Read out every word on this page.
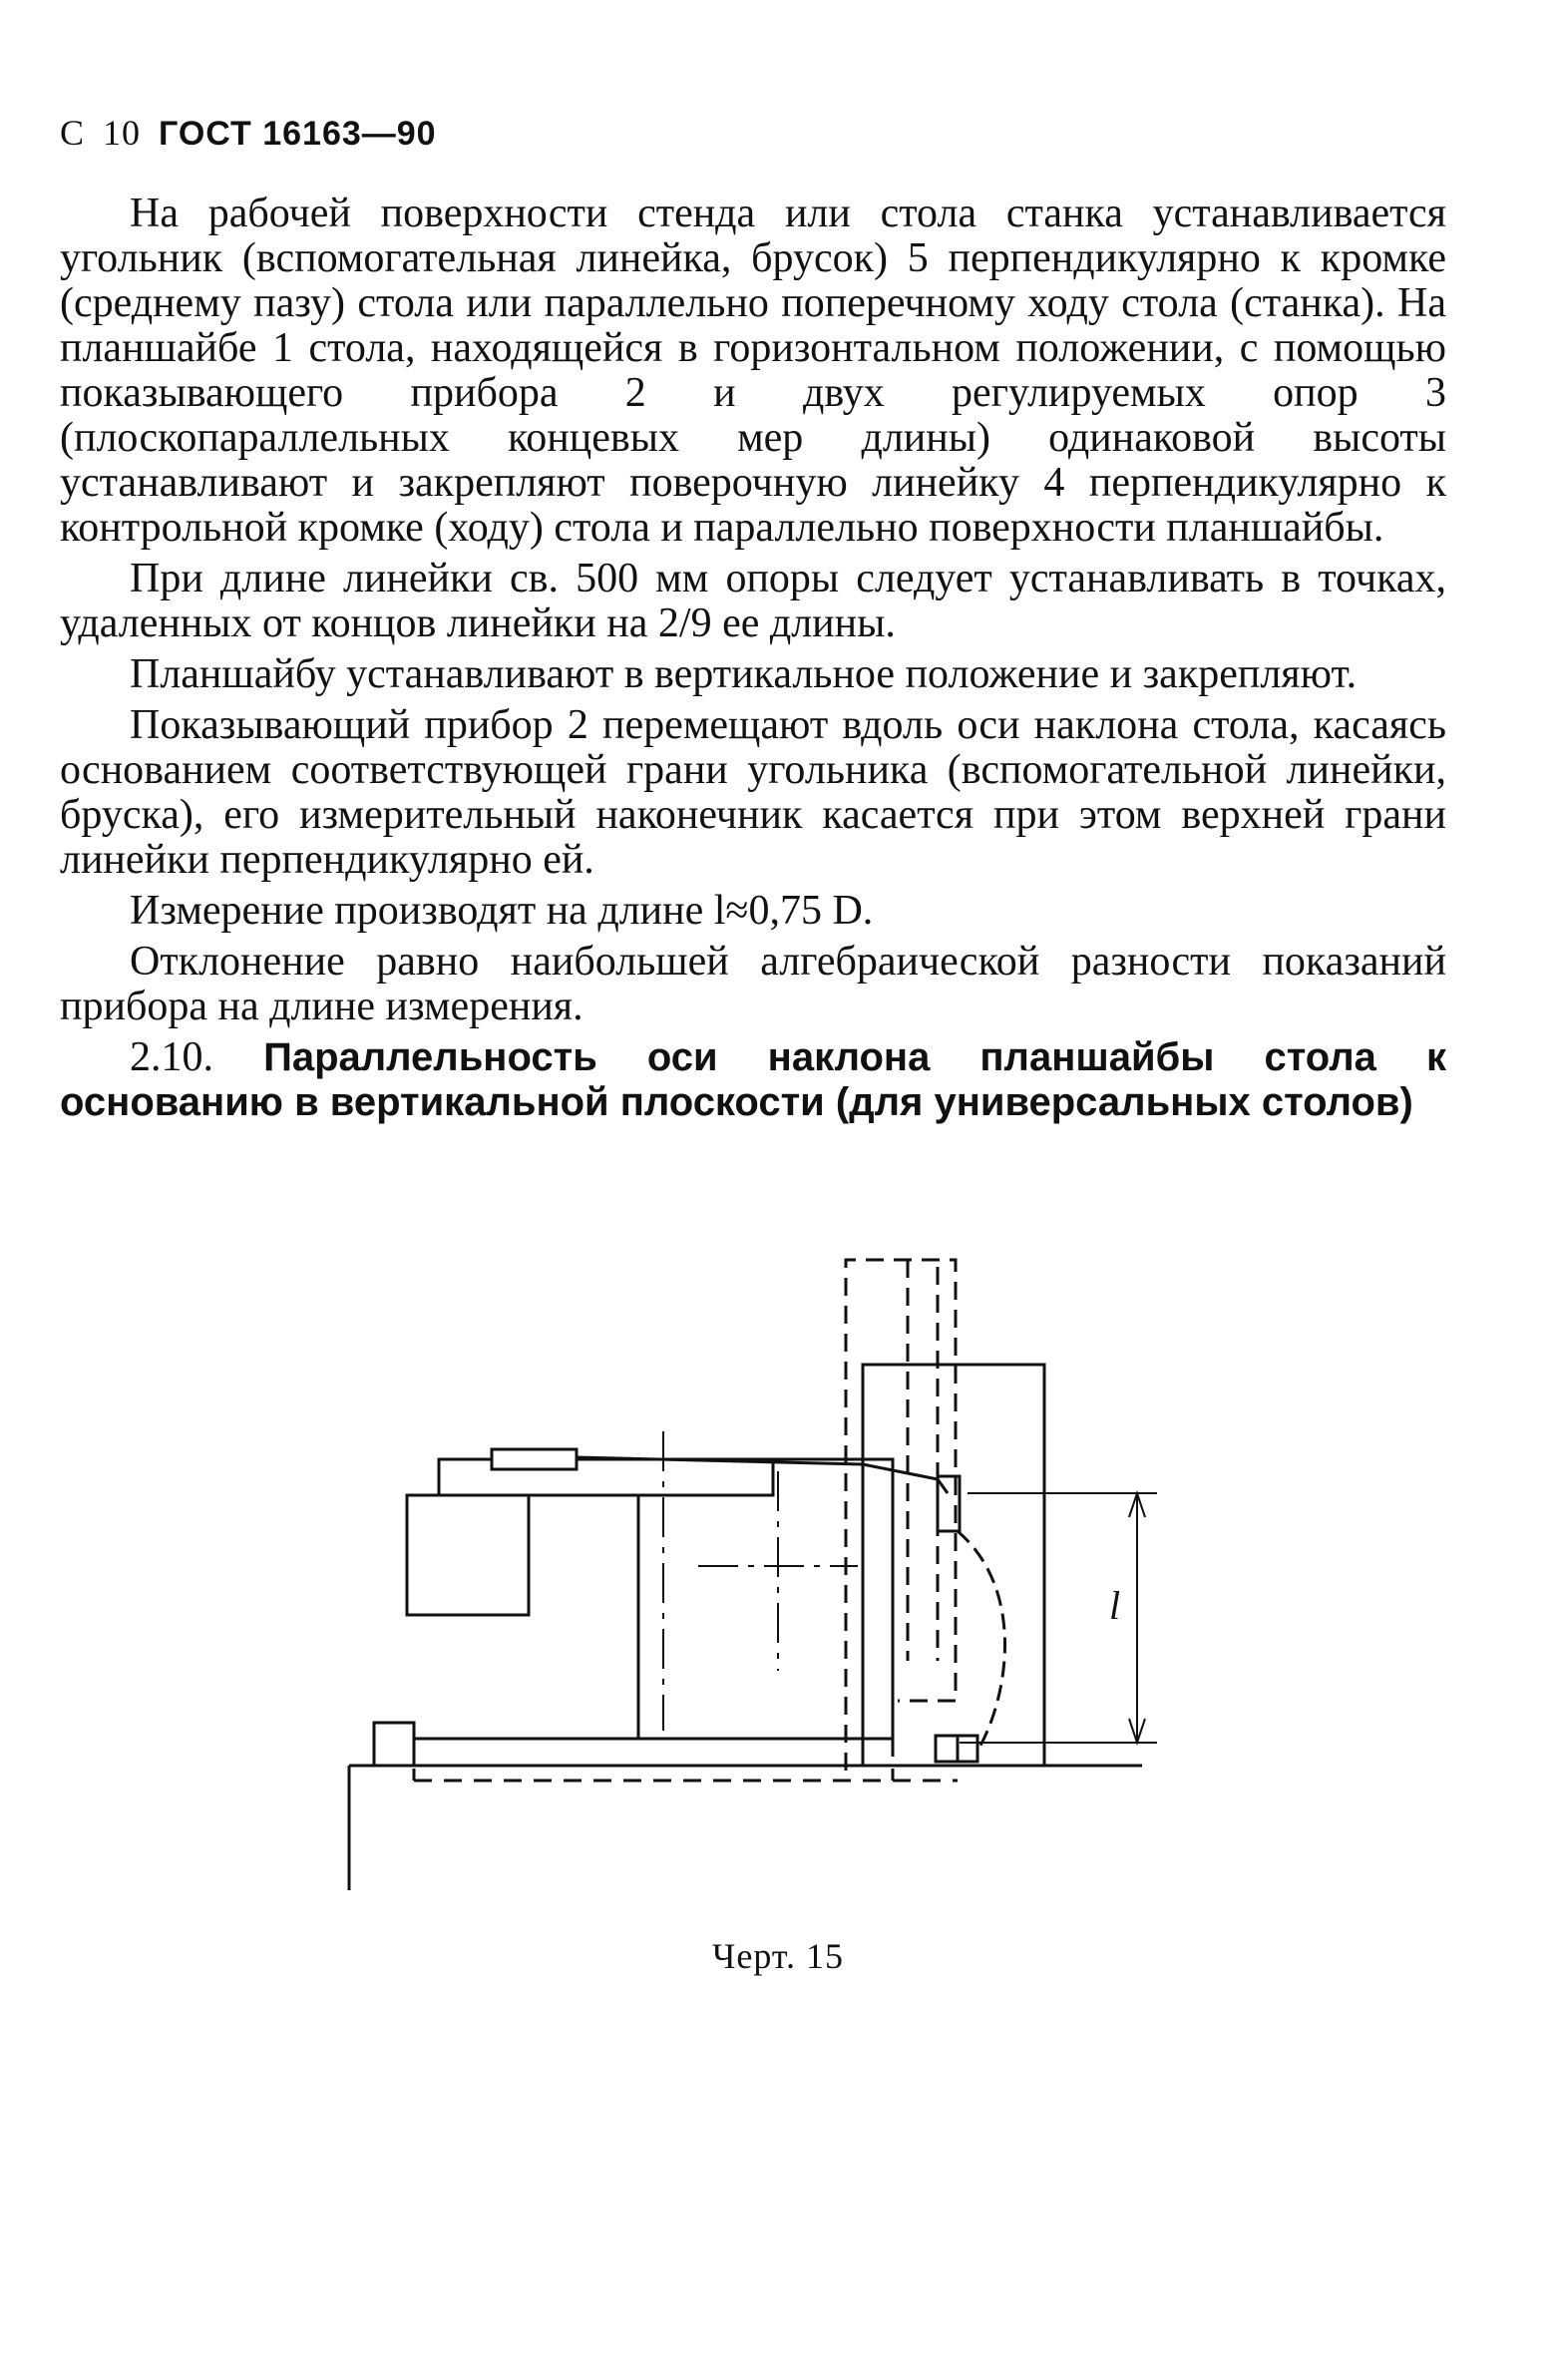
С 10 ГОСТ 16163—90

На рабочей поверхности стенда или стола станка устанавливается угольник (вспомогательная линейка, брусок) 5 перпендикулярно к кромке (среднему пазу) стола или параллельно поперечному ходу стола (станка). На планшайбе 1 стола, находящейся в горизонтальном положении, с помощью показывающего прибора 2 и двух регулируемых опор 3 (плоскопараллельных концевых мер длины) одинаковой высоты устанавливают и закрепляют поверочную линейку 4 перпендикулярно к контрольной кромке (ходу) стола и параллельно поверхности планшайбы.

При длине линейки св. 500 мм опоры следует устанавливать в точках, удаленных от концов линейки на 2/9 ее длины.

Планшайбу устанавливают в вертикальное положение и закрепляют.

Показывающий прибор 2 перемещают вдоль оси наклона стола, касаясь основанием соответствующей грани угольника (вспомогательной линейки, бруска), его измерительный наконечник касается при этом верхней грани линейки перпендикулярно ей.

Измерение производят на длине l≈0,75 D.

Отклонение равно наибольшей алгебраической разности показаний прибора на длине измерения.

2.10. Параллельность оси наклона планшайбы стола к основанию в вертикальной плоскости (для универсальных столов)

l
Черт. 15
